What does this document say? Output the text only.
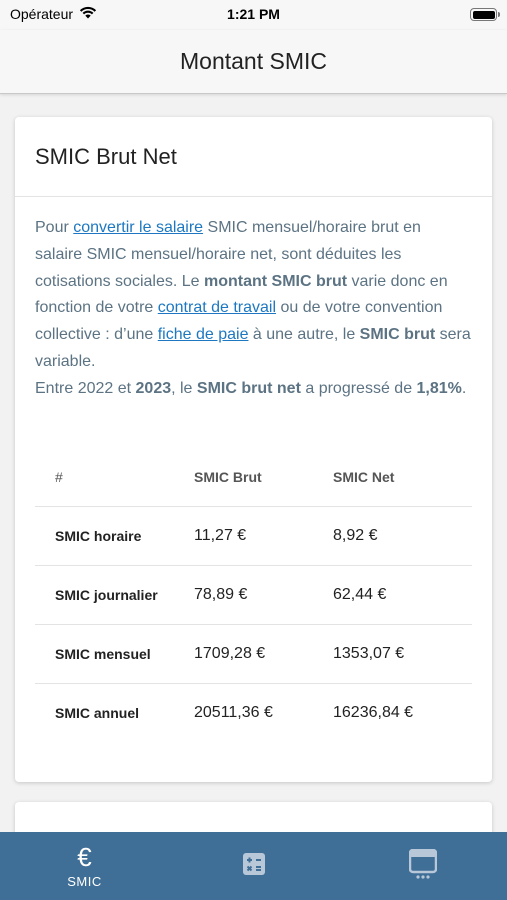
Opérateur	1:21 PM
Montant SMIC
SMIC Brut Net

Pour convertir le salaire SMIC mensuel/horaire brut en salaire SMIC mensuel/horaire net, sont déduites les cotisations sociales. Le montant SMIC brut varie donc en fonction de votre contrat de travail ou de votre convention collective : d’une fiche de paie à une autre, le SMIC brut sera variable.
Entre 2022 et 2023, le SMIC brut net a progressé de 1,81%.

#	SMIC Brut	SMIC Net
SMIC horaire	11,27 €	8,92 €
SMIC journalier	78,89 €	62,44 €
SMIC mensuel	1709,28 €	1353,07 €
SMIC annuel	20511,36 €	16236,84 €
€
SMIC
